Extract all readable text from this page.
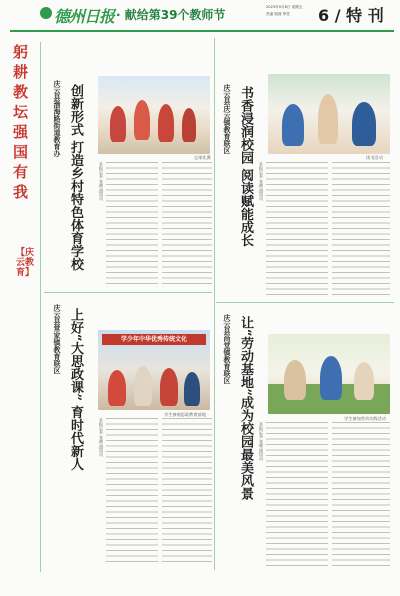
德州日报 · 献给第39个教师节
2023年9月8日 星期五
责编 版面 审签 6 / 特 刊
躬
耕
教
坛
强
国
有
我
【庆云教育】
庆云县渤海路街道教育办 创新形式 打造乡村特色体育学校	足球比赛
本报记者 张晓 通讯员
庆云县庆云镇教育联区 书香浸润校园 阅读赋能成长	读书活动
本报记者 张晓 通讯员
庆云县常家镇教育联区 上好“大思政课” 育时代新人	学少年中华优秀传统文化
学生参观思政教育基地
本报记者 张晓 通讯员
庆云县尚堂镇教育联区 让“劳动基地”成为校园最美风景	学生参加劳动实践活动
本报记者 张晓 通讯员
